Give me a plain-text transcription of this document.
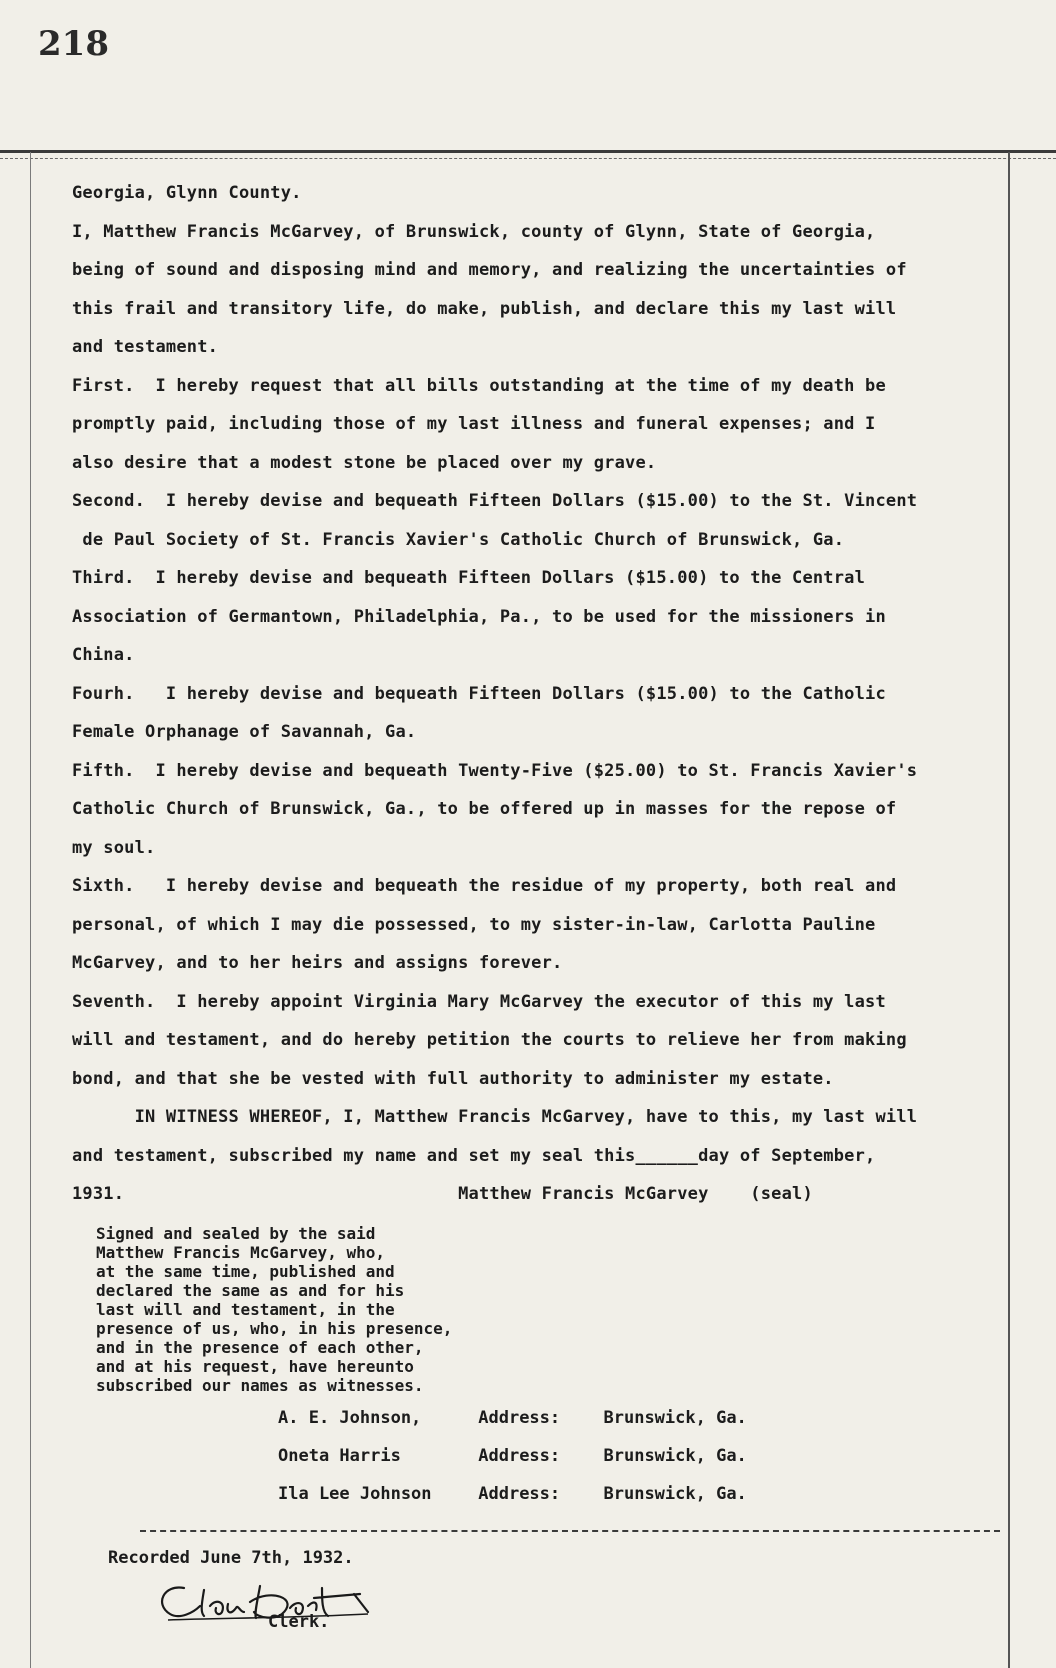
218
Georgia, Glynn County.
I, Matthew Francis McGarvey, of Brunswick, county of Glynn, State of Georgia,
being of sound and disposing mind and memory, and realizing the uncertainties of
this frail and transitory life, do make, publish, and declare this my last will
and testament.
First.  I hereby request that all bills outstanding at the time of my death be
promptly paid, including those of my last illness and funeral expenses; and I
also desire that a modest stone be placed over my grave.
Second.  I hereby devise and bequeath Fifteen Dollars ($15.00) to the St. Vincent
de Paul Society of St. Francis Xavier's Catholic Church of Brunswick, Ga.
Third.  I hereby devise and bequeath Fifteen Dollars ($15.00) to the Central
Association of Germantown, Philadelphia, Pa., to be used for the missioners in
China.
Fourh.   I hereby devise and bequeath Fifteen Dollars ($15.00) to the Catholic
Female Orphanage of Savannah, Ga.
Fifth.  I hereby devise and bequeath Twenty-Five ($25.00) to St. Francis Xavier's
Catholic Church of Brunswick, Ga., to be offered up in masses for the repose of
my soul.
Sixth.   I hereby devise and bequeath the residue of my property, both real and
personal, of which I may die possessed, to my sister-in-law, Carlotta Pauline
McGarvey, and to her heirs and assigns forever.
Seventh.  I hereby appoint Virginia Mary McGarvey the executor of this my last
will and testament, and do hereby petition the courts to relieve her from making
bond, and that she be vested with full authority to administer my estate.
IN WITNESS WHEREOF, I, Matthew Francis McGarvey, have to this, my last will
and testament, subscribed my name and set my seal this______day of September,
1931.                                Matthew Francis McGarvey    (seal)
Signed and sealed by the said
Matthew Francis McGarvey, who,
at the same time, published and
declared the same as and for his
last will and testament, in the
presence of us, who, in his presence,
and in the presence of each other,
and at his request, have hereunto
subscribed our names as witnesses.
A. E. Johnson,	Address:	Brunswick, Ga.
Oneta Harris	Address:	Brunswick, Ga.
Ila Lee Johnson	Address:	Brunswick, Ga.
Recorded June 7th, 1932.
Clerk.
